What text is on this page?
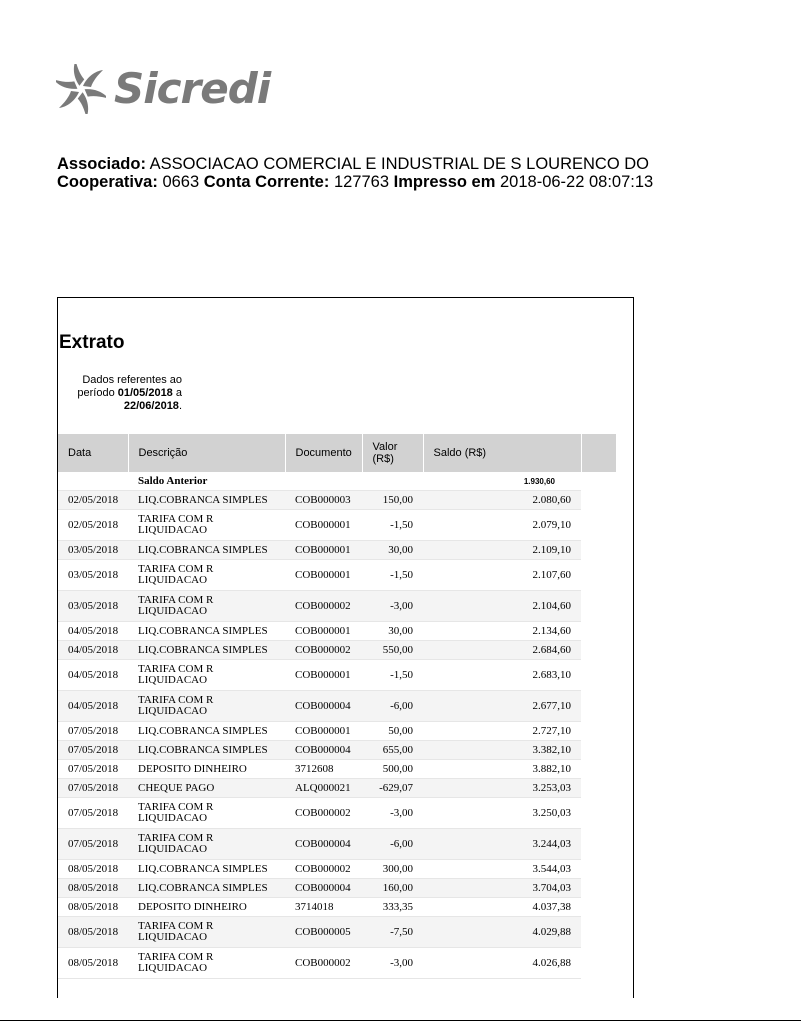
Sicredi
Associado: ASSOCIACAO COMERCIAL E INDUSTRIAL DE S LOURENCO DO
Cooperativa: 0663 Conta Corrente: 127763 Impresso em 2018-06-22 08:07:13
Extrato
Dados referentes ao
período 01/05/2018 a
22/06/2018.
Data	Descrição	Documento	Valor (R$)	Saldo (R$)	
	Saldo Anterior			1.930,60	
02/05/2018	LIQ.COBRANCA SIMPLES	COB000003	150,00	2.080,60	
02/05/2018	TARIFA COM R LIQUIDACAO	COB000001	-1,50	2.079,10	
03/05/2018	LIQ.COBRANCA SIMPLES	COB000001	30,00	2.109,10	
03/05/2018	TARIFA COM R LIQUIDACAO	COB000001	-1,50	2.107,60	
03/05/2018	TARIFA COM R LIQUIDACAO	COB000002	-3,00	2.104,60	
04/05/2018	LIQ.COBRANCA SIMPLES	COB000001	30,00	2.134,60	
04/05/2018	LIQ.COBRANCA SIMPLES	COB000002	550,00	2.684,60	
04/05/2018	TARIFA COM R LIQUIDACAO	COB000001	-1,50	2.683,10	
04/05/2018	TARIFA COM R LIQUIDACAO	COB000004	-6,00	2.677,10	
07/05/2018	LIQ.COBRANCA SIMPLES	COB000001	50,00	2.727,10	
07/05/2018	LIQ.COBRANCA SIMPLES	COB000004	655,00	3.382,10	
07/05/2018	DEPOSITO DINHEIRO	3712608	500,00	3.882,10	
07/05/2018	CHEQUE PAGO	ALQ000021	-629,07	3.253,03	
07/05/2018	TARIFA COM R LIQUIDACAO	COB000002	-3,00	3.250,03	
07/05/2018	TARIFA COM R LIQUIDACAO	COB000004	-6,00	3.244,03	
08/05/2018	LIQ.COBRANCA SIMPLES	COB000002	300,00	3.544,03	
08/05/2018	LIQ.COBRANCA SIMPLES	COB000004	160,00	3.704,03	
08/05/2018	DEPOSITO DINHEIRO	3714018	333,35	4.037,38	
08/05/2018	TARIFA COM R LIQUIDACAO	COB000005	-7,50	4.029,88	
08/05/2018	TARIFA COM R LIQUIDACAO	COB000002	-3,00	4.026,88	
